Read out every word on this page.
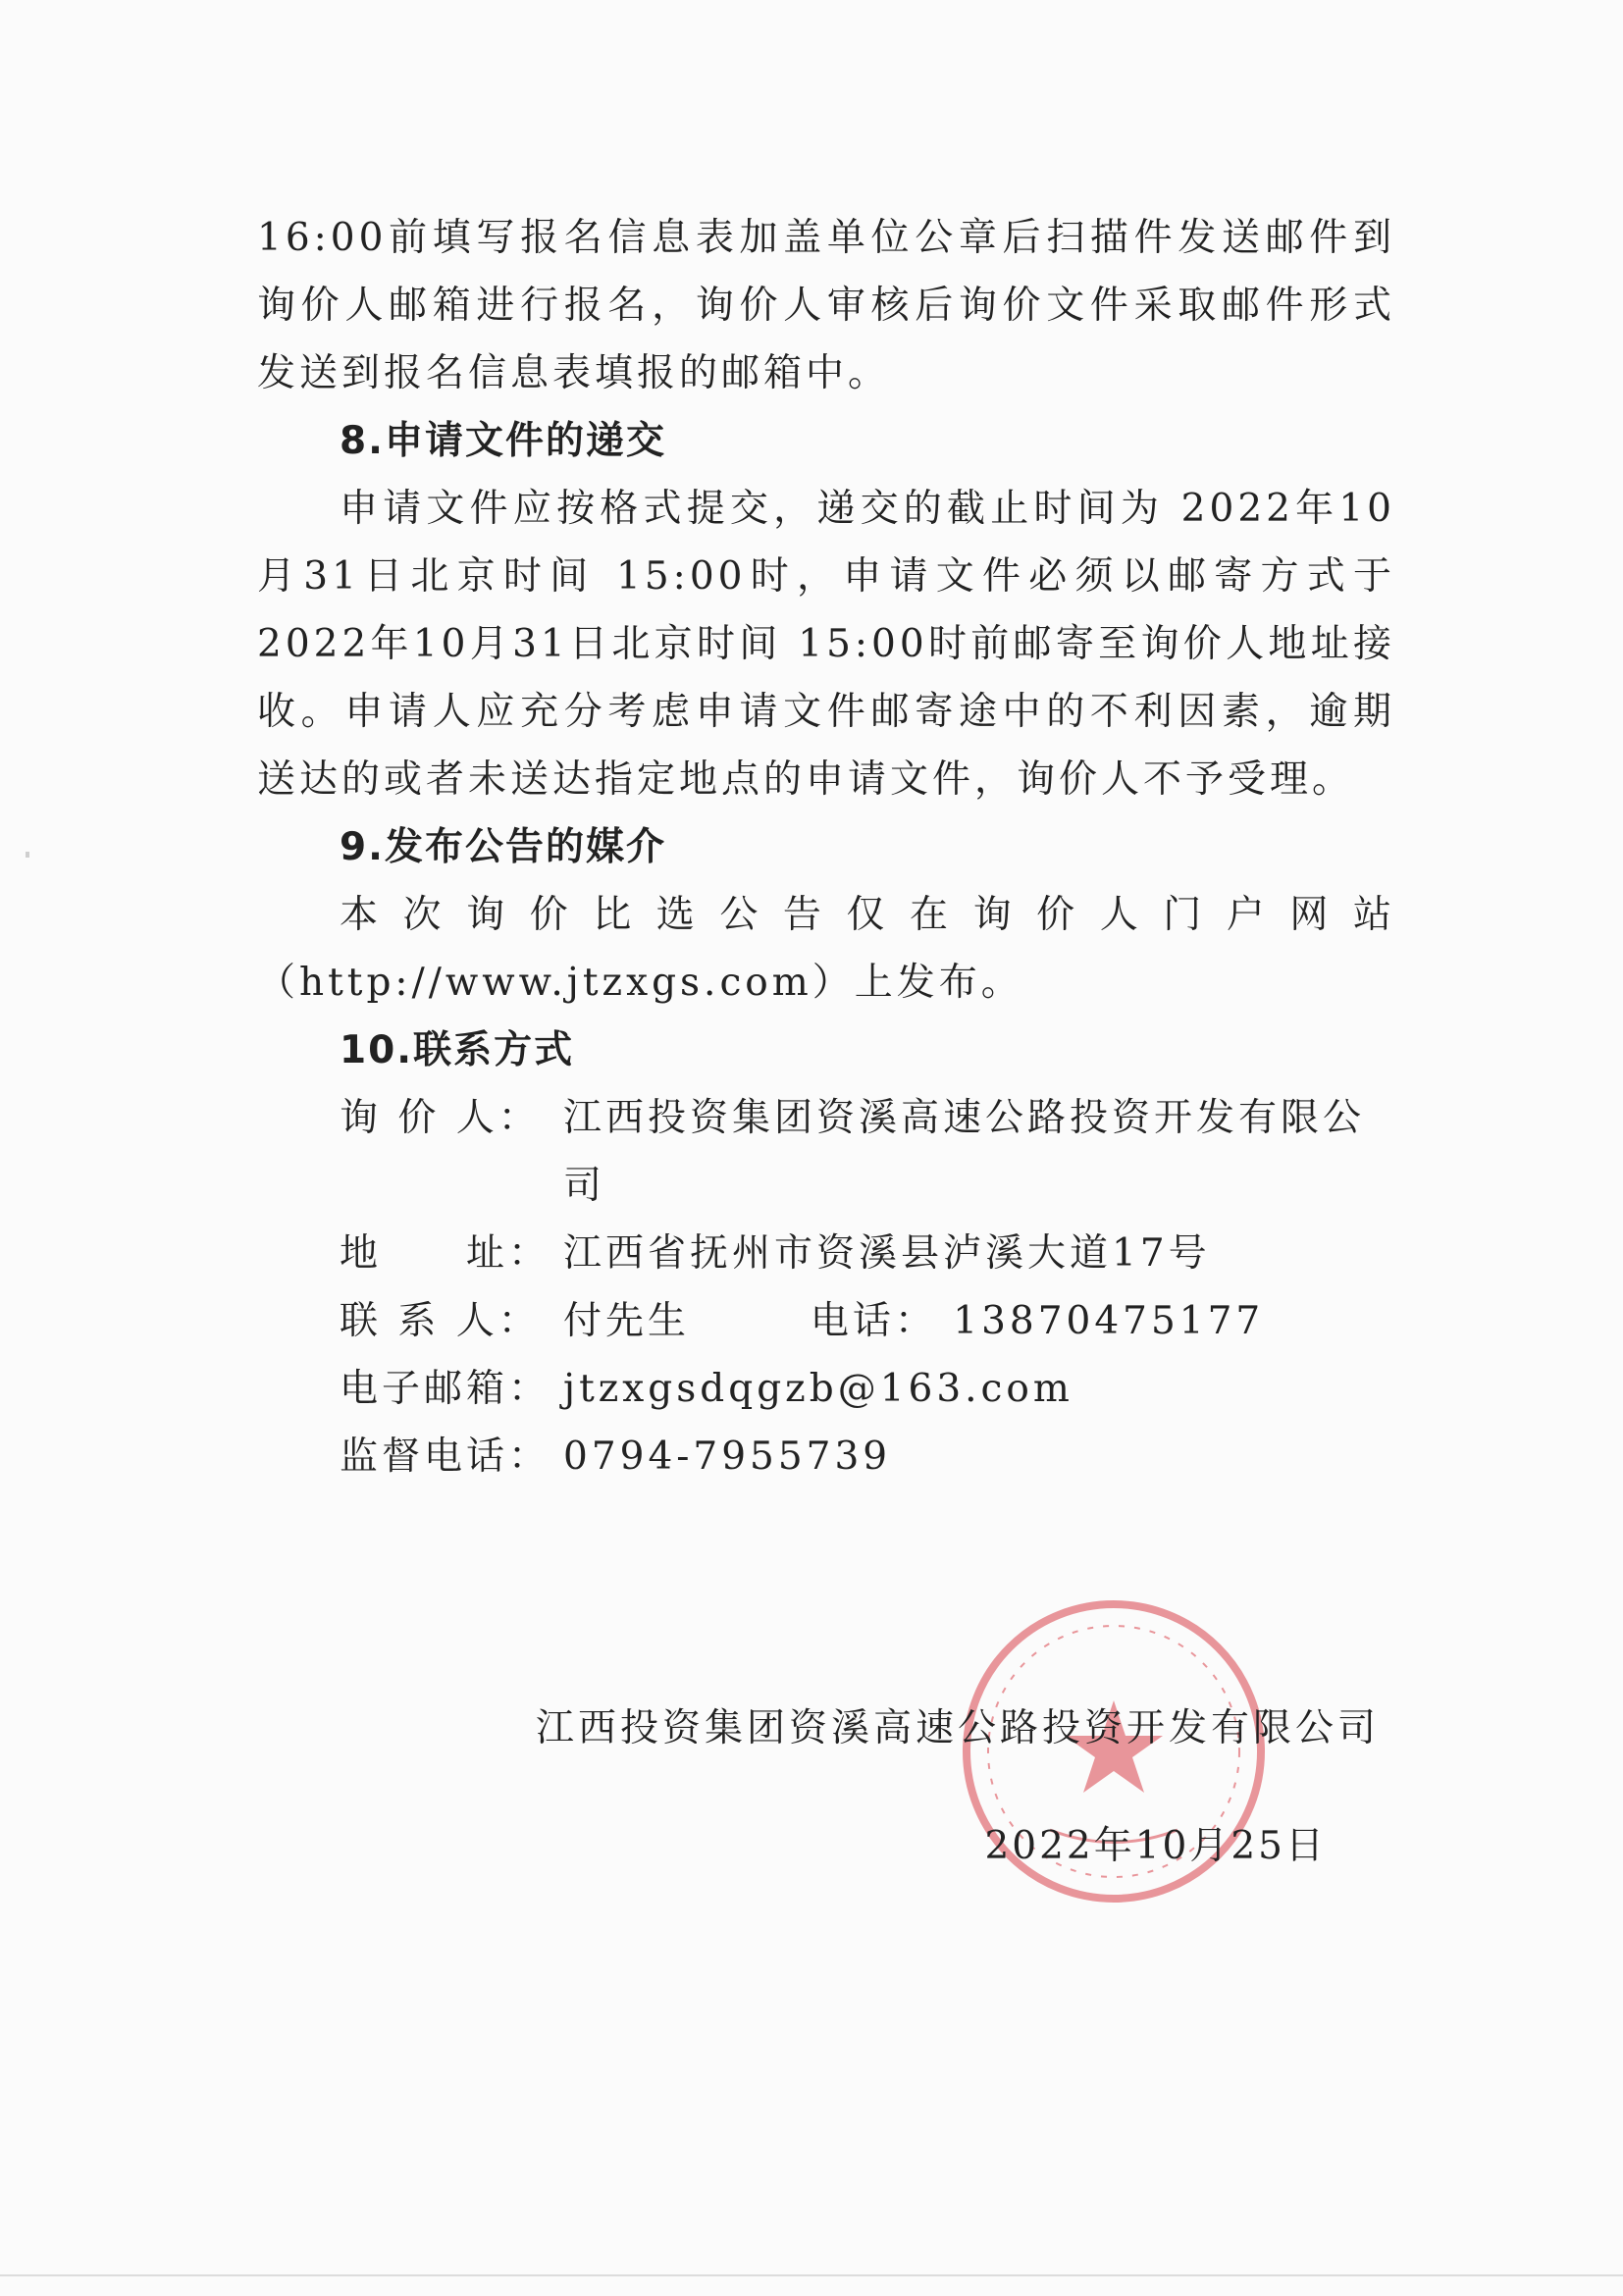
16:00前填写报名信息表加盖单位公章后扫描件发送邮件到询价人邮箱进行报名，询价人审核后询价文件采取邮件形式发送到报名信息表填报的邮箱中。

8.申请文件的递交

申请文件应按格式提交，递交的截止时间为 2022年10月31日北京时间 15:00时，申请文件必须以邮寄方式于2022年10月31日北京时间 15:00时前邮寄至询价人地址接收。申请人应充分考虑申请文件邮寄途中的不利因素，逾期送达的或者未送达指定地点的申请文件，询价人不予受理。

9.发布公告的媒介

本次询价比选公告仅在询价人门户网站

（http://www.jtzxgs.com）上发布。

10.联系方式

询 价 人： 江西投资集团资溪高速公路投资开发有限公司
地　　址： 江西省抚州市资溪县泸溪大道17号
联 系 人： 付先生	电话： 13870475177
电子邮箱： jtzxgsdqgzb@163.com
监督电话： 0794-7955739
江西投资集团资溪高速公路投资开发有限公司
2022年10月25日
